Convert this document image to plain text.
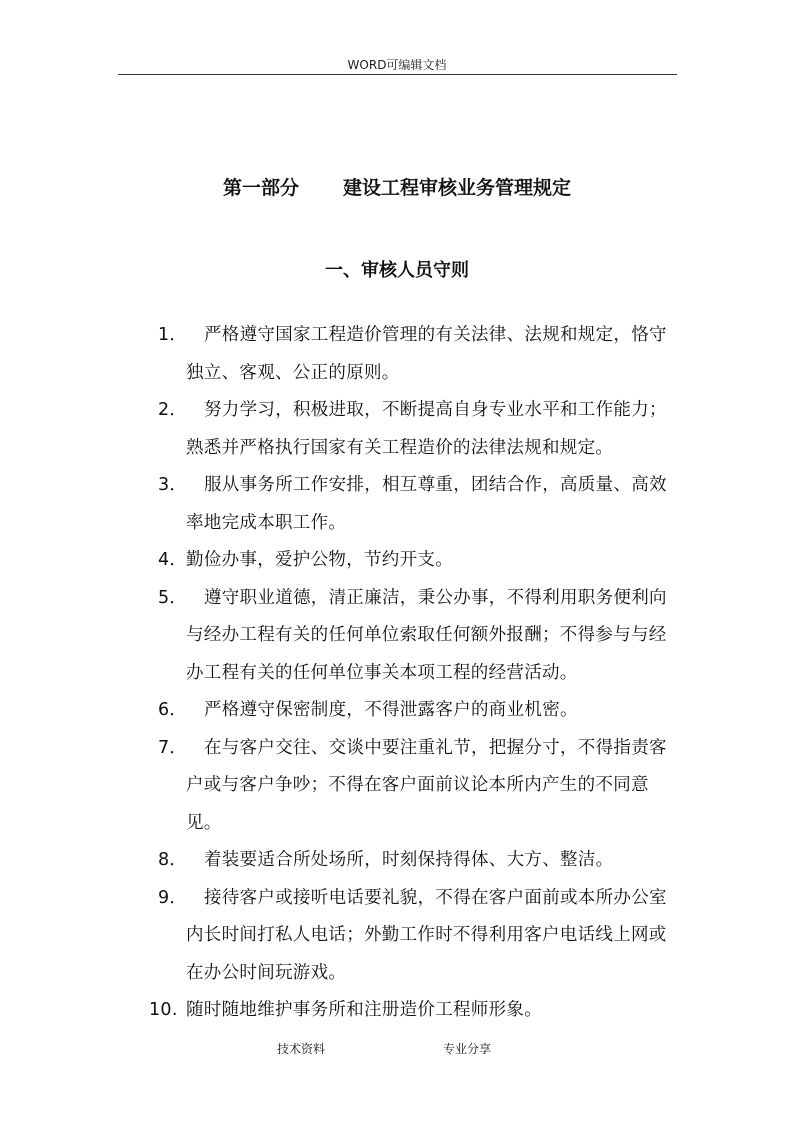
WORD可编辑文档
第一部分 建设工程审核业务管理规定
一、审核人员守则
1． 严格遵守国家工程造价管理的有关法律、法规和规定，恪守独立、客观、公正的原则。
2． 努力学习，积极进取，不断提高自身专业水平和工作能力；熟悉并严格执行国家有关工程造价的法律法规和规定。
3． 服从事务所工作安排，相互尊重，团结合作，高质量、高效率地完成本职工作。
4．
勤俭办事，爱护公物，节约开支。
5． 遵守职业道德，清正廉洁，秉公办事，不得利用职务便利向与经办工程有关的任何单位索取任何额外报酬；不得参与与经办工程有关的任何单位事关本项工程的经营活动。
6． 严格遵守保密制度，不得泄露客户的商业机密。
7． 在与客户交往、交谈中要注重礼节，把握分寸，不得指责客户或与客户争吵；不得在客户面前议论本所内产生的不同意见。
8． 着装要适合所处场所，时刻保持得体、大方、整洁。
9． 接待客户或接听电话要礼貌，不得在客户面前或本所办公室内长时间打私人电话；外勤工作时不得利用客户电话线上网或在办公时间玩游戏。
10. 随时随地维护事务所和注册造价工程师形象。
技术资料	专业分享
